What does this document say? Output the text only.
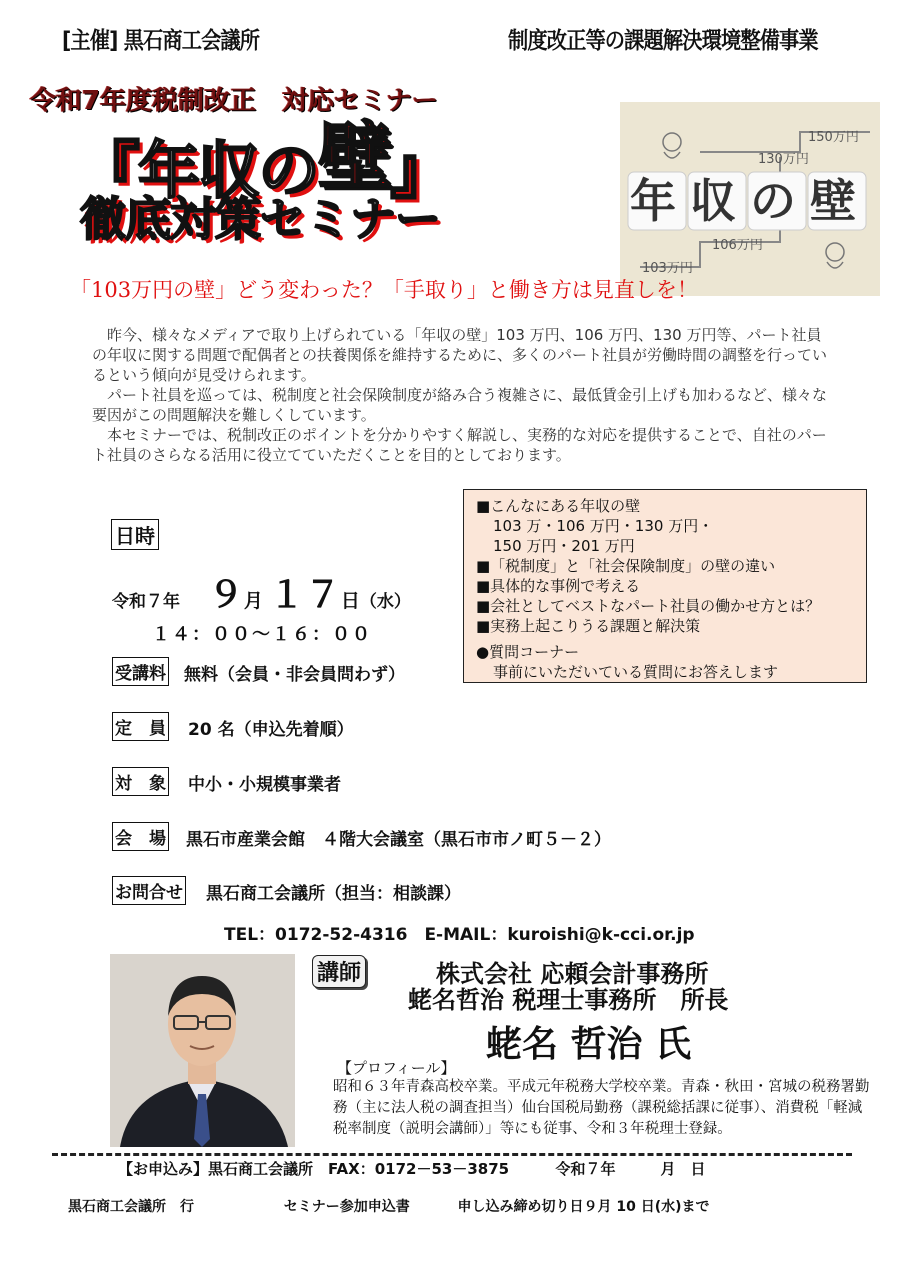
[主催] 黒石商工会議所	制度改正等の課題解決環境整備事業
令和7年度税制改正　対応セミナー
『年収の壁』
徹底対策セミナー
150万円
130万円
106万円
103万円
年収の壁
「103万円の壁」どう変わった？「手取り」と働き方は見直しを！

昨今、様々なメディアで取り上げられている「年収の壁」103 万円、106 万円、130 万円等、パート社員の年収に関する問題で配偶者との扶養関係を維持するために、多くのパート社員が労働時間の調整を行っているという傾向が見受けられます。

パート社員を巡っては、税制度と社会保険制度が絡み合う複雑さに、最低賃金引上げも加わるなど、様々な要因がこの問題解決を難しくしています。

本セミナーでは、税制改正のポイントを分かりやすく解説し、実務的な対応を提供することで、自社のパート社員のさらなる活用に役立てていただくことを目的としております。

■こんなにある年収の壁
103 万・106 万円・130 万円・
150 万円・201 万円
■「税制度」と「社会保険制度」の壁の違い
■具体的な事例で考える
■会社としてベストなパート社員の働かせ方とは？
■実務上起こりうる課題と解決策
●質問コーナー
事前にいただいている質問にお答えします
日時
令和７年 ９月 １７日（水）
１４：００～１６：００
受講料 無料（会員・非会員問わず）
定　員 20 名（申込先着順）
対　象 中小・小規模事業者
会　場 黒石市産業会館　４階大会議室（黒石市市ノ町５－２）
お問合せ 黒石商工会議所（担当：相談課）
TEL：0172-52-4316　E-MAIL：kuroishi@k-cci.or.jp
講師	株式会社 応頼会計事務所
蛯名哲治 税理士事務所　所長
蛯名 哲治 氏
【プロフィール】
昭和６３年青森高校卒業。平成元年税務大学校卒業。青森・秋田・宮城の税務署勤務（主に法人税の調査担当）仙台国税局勤務（課税総括課に従事）、消費税「軽減税率制度（説明会講師）」等にも従事、令和３年税理士登録。
【お申込み】黒石商工会議所　FAX：0172－53－3875	令和７年　　　月　日
黒石商工会議所　行	セミナー参加申込書	申し込み締め切り日９月 10 日(水)まで
